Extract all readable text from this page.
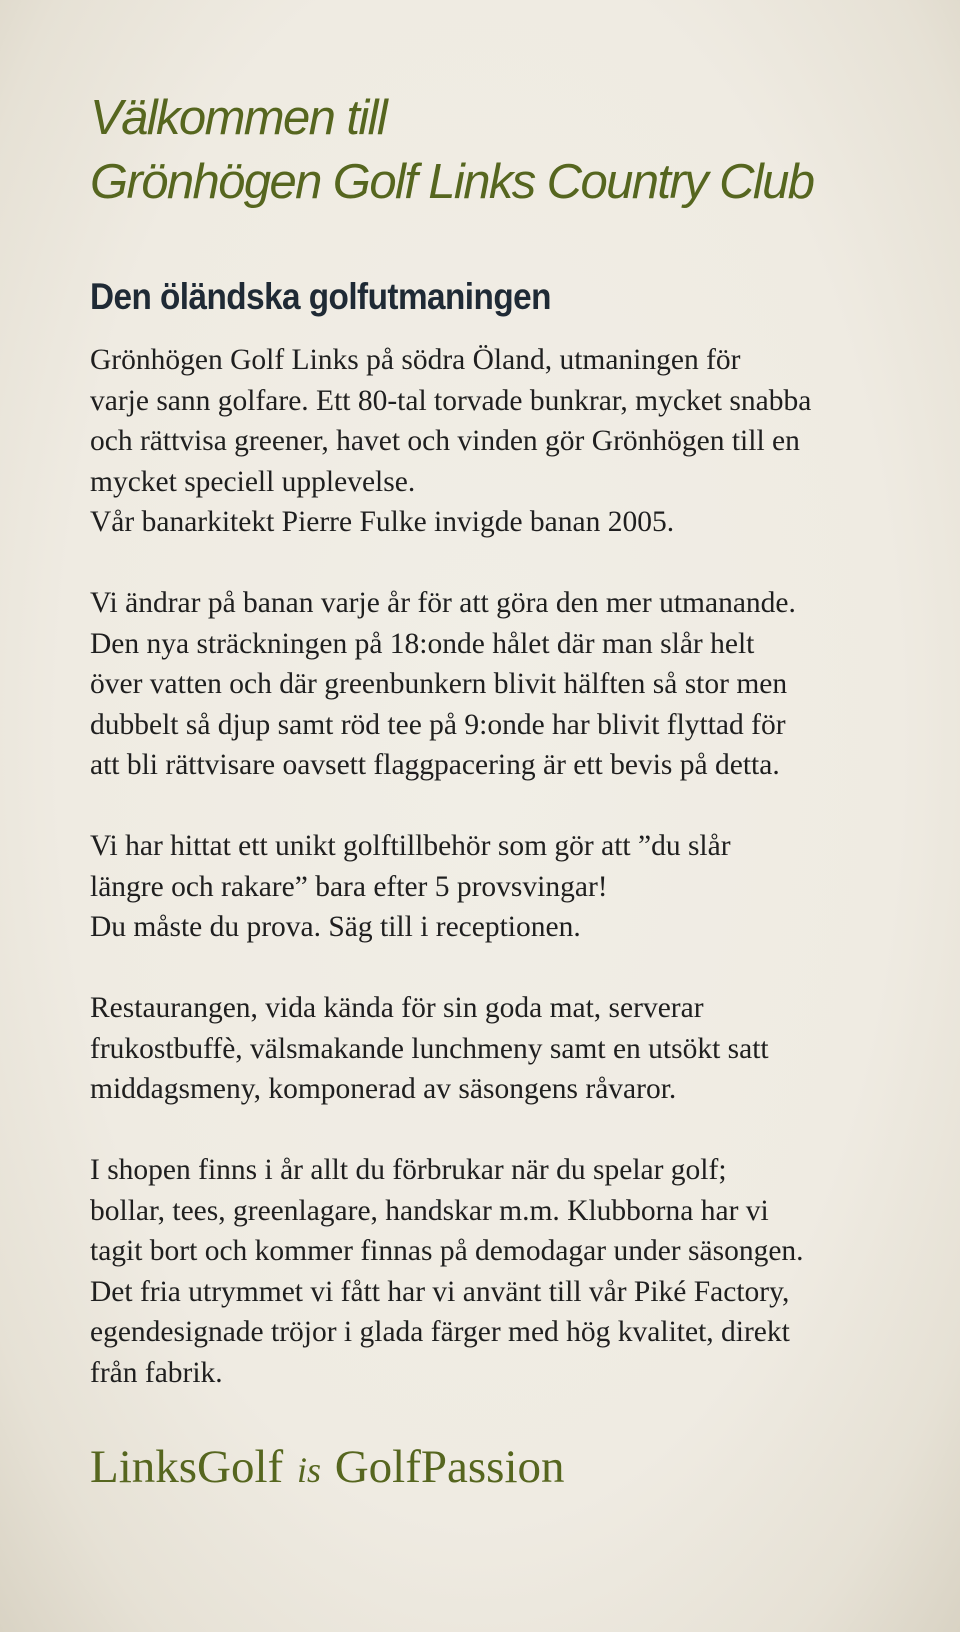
Välkommen till
Grönhögen Golf Links Country Club
Den öländska golfutmaningen

Grönhögen Golf Links på södra Öland, utmaningen för
varje sann golfare. Ett 80-tal torvade bunkrar, mycket snabba
och rättvisa greener, havet och vinden gör Grönhögen till en
mycket speciell upplevelse.
Vår banarkitekt Pierre Fulke invigde banan 2005.

Vi ändrar på banan varje år för att göra den mer utmanande.
Den nya sträckningen på 18:onde hålet där man slår helt
över vatten och där greenbunkern blivit hälften så stor men
dubbelt så djup samt röd tee på 9:onde har blivit flyttad för
att bli rättvisare oavsett flaggpacering är ett bevis på detta.

Vi har hittat ett unikt golftillbehör som gör att ”du slår
längre och rakare” bara efter 5 provsvingar!
Du måste du prova. Säg till i receptionen.

Restaurangen, vida kända för sin goda mat, serverar
frukostbuffè, välsmakande lunchmeny samt en utsökt satt
middagsmeny, komponerad av säsongens råvaror.

I shopen finns i år allt du förbrukar när du spelar golf;
bollar, tees, greenlagare, handskar m.m. Klubborna har vi
tagit bort och kommer finnas på demodagar under säsongen.
Det fria utrymmet vi fått har vi använt till vår Piké Factory,
egendesignade tröjor i glada färger med hög kvalitet, direkt
från fabrik.

LinksGolf is GolfPassion
